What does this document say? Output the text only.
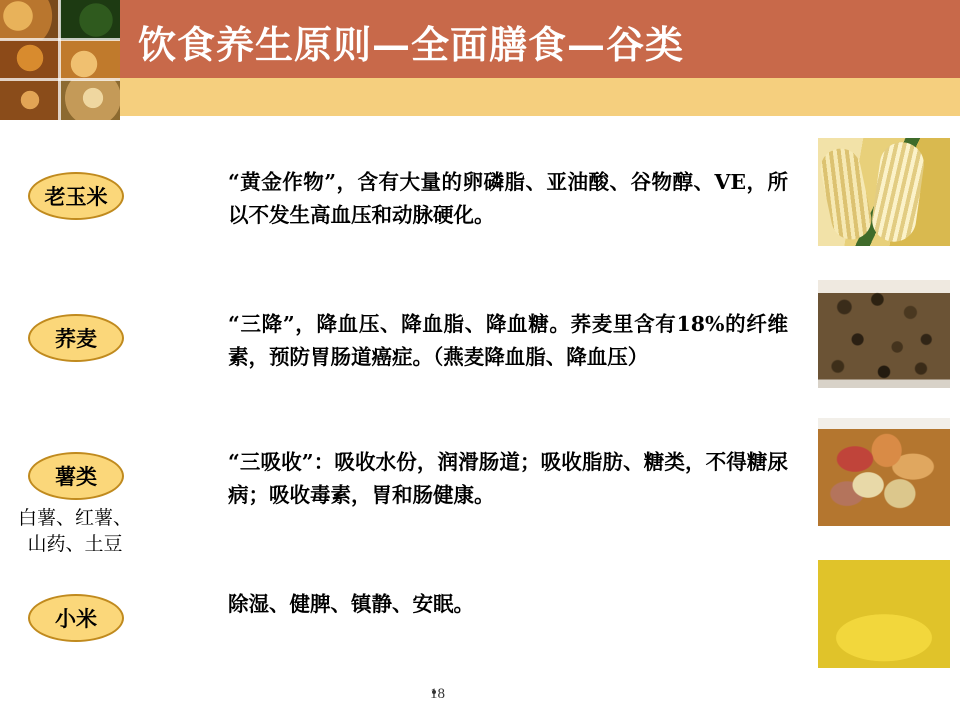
饮食养生原则—全面膳食—谷类
老玉米
“黄金作物”，含有大量的卵磷脂、亚油酸、谷物醇、VE，所以不发生高血压和动脉硬化。
荞麦
“三降”，降血压、降血脂、降血糖。荞麦里含有18%的纤维素，预防胃肠道癌症。（燕麦降血脂、降血压）
薯类
白薯、红薯、山药、土豆
“三吸收”：吸收水份，润滑肠道；吸收脂肪、糖类，不得糖尿病；吸收毒素，胃和肠健康。
小米
除湿、健脾、镇静、安眠。
18
